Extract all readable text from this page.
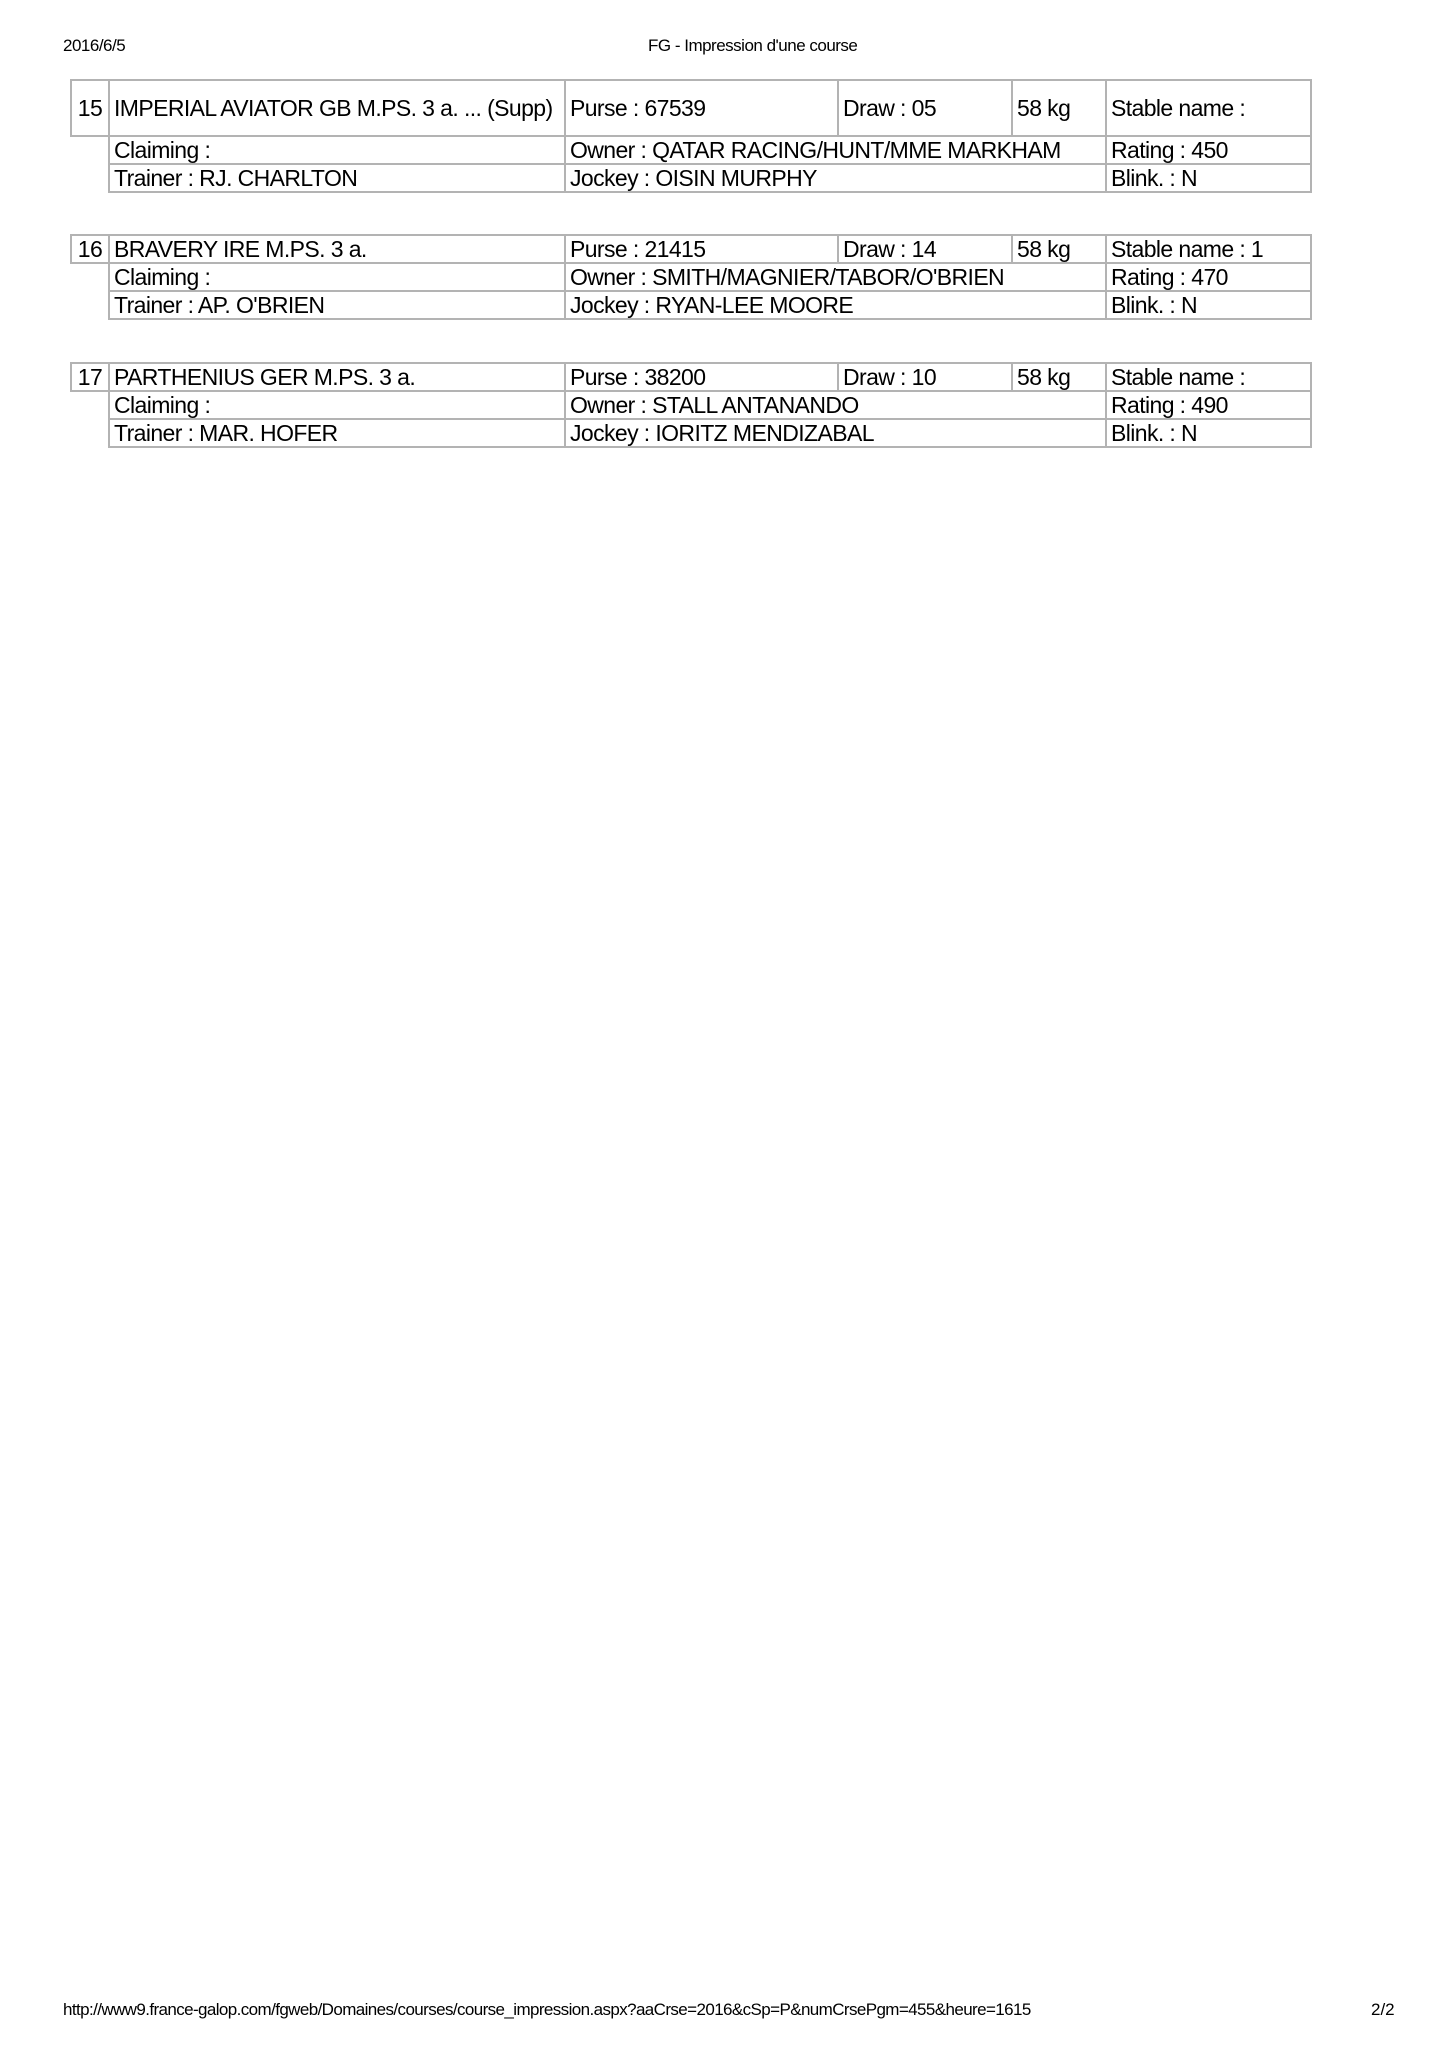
2016/6/5	FG - Impression d'une course
15	IMPERIAL AVIATOR GB M.PS. 3 a. ... (Supp)	Purse : 67539	Draw : 05	58 kg	Stable name :
	Claiming :	Owner : QATAR RACING/HUNT/MME MARKHAM			Rating : 450
	Trainer : RJ. CHARLTON	Jockey : OISIN MURPHY			Blink. : N
16	BRAVERY IRE M.PS. 3 a.	Purse : 21415	Draw : 14	58 kg	Stable name : 1
	Claiming :	Owner : SMITH/MAGNIER/TABOR/O'BRIEN			Rating : 470
	Trainer : AP. O'BRIEN	Jockey : RYAN-LEE MOORE			Blink. : N
17	PARTHENIUS GER M.PS. 3 a.	Purse : 38200	Draw : 10	58 kg	Stable name :
	Claiming :	Owner : STALL ANTANANDO			Rating : 490
	Trainer : MAR. HOFER	Jockey : IORITZ MENDIZABAL			Blink. : N
http://www9.france-galop.com/fgweb/Domaines/courses/course_impression.aspx?aaCrse=2016&cSp=P&numCrsePgm=455&heure=1615	2/2
